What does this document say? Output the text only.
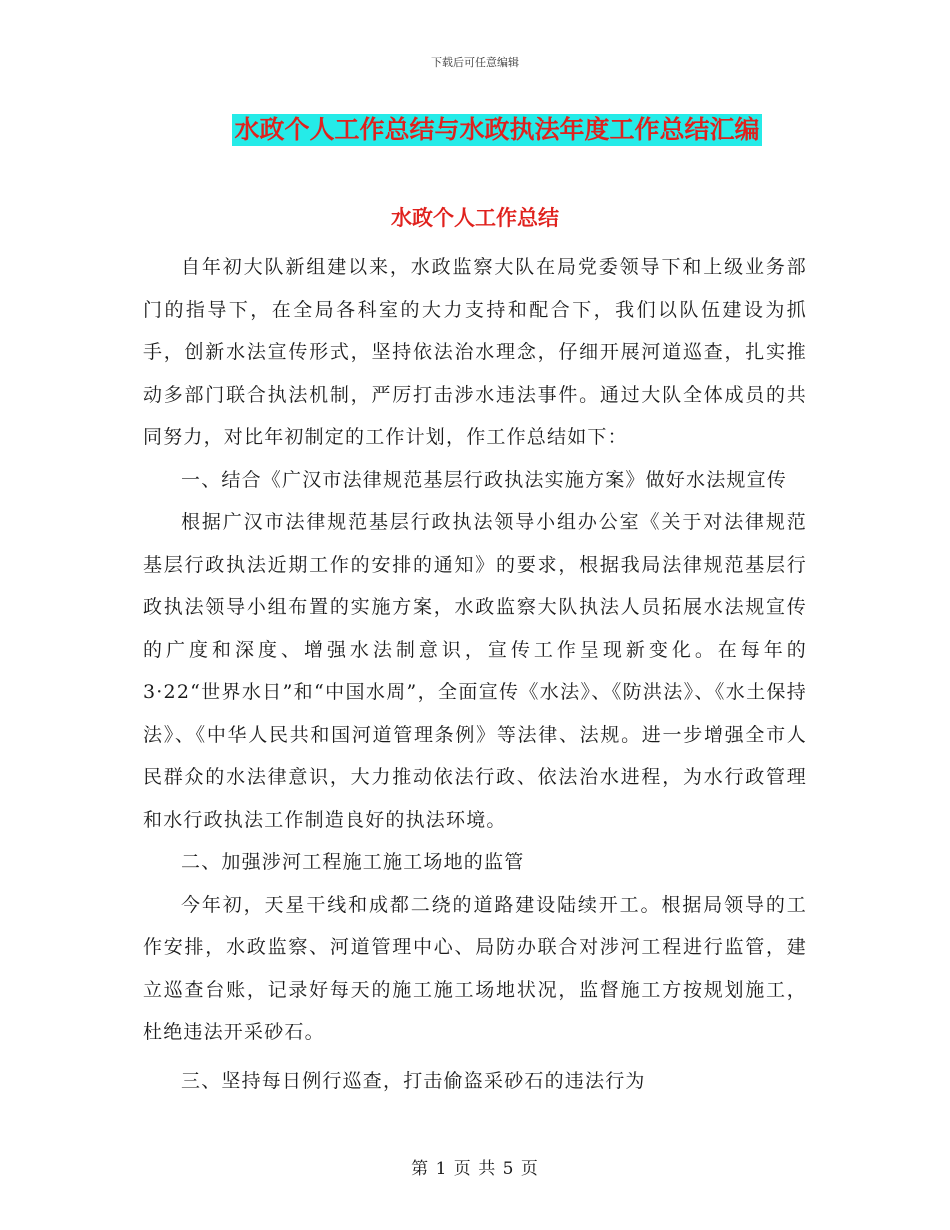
下载后可任意编辑
水政个人工作总结与水政执法年度工作总结汇编
水政个人工作总结

自年初大队新组建以来，水政监察大队在局党委领导下和上级业务部门的指导下，在全局各科室的大力支持和配合下，我们以队伍建设为抓手，创新水法宣传形式，坚持依法治水理念，仔细开展河道巡查，扎实推动多部门联合执法机制，严厉打击涉水违法事件。通过大队全体成员的共同努力，对比年初制定的工作计划，作工作总结如下：

一、结合《广汉市法律规范基层行政执法实施方案》做好水法规宣传

根据广汉市法律规范基层行政执法领导小组办公室《关于对法律规范基层行政执法近期工作的安排的通知》的要求，根据我局法律规范基层行政执法领导小组布置的实施方案，水政监察大队执法人员拓展水法规宣传的广度和深度、增强水法制意识，宣传工作呈现新变化。在每年的3·22“世界水日”和“中国水周”，全面宣传《水法》、《防洪法》、《水土保持法》、《中华人民共和国河道管理条例》等法律、法规。进一步增强全市人民群众的水法律意识，大力推动依法行政、依法治水进程，为水行政管理和水行政执法工作制造良好的执法环境。

二、加强涉河工程施工施工场地的监管

今年初，天星干线和成都二绕的道路建设陆续开工。根据局领导的工作安排，水政监察、河道管理中心、局防办联合对涉河工程进行监管，建立巡查台账，记录好每天的施工施工场地状况，监督施工方按规划施工，杜绝违法开采砂石。

三、坚持每日例行巡查，打击偷盗采砂石的违法行为

第 1 页 共 5 页
